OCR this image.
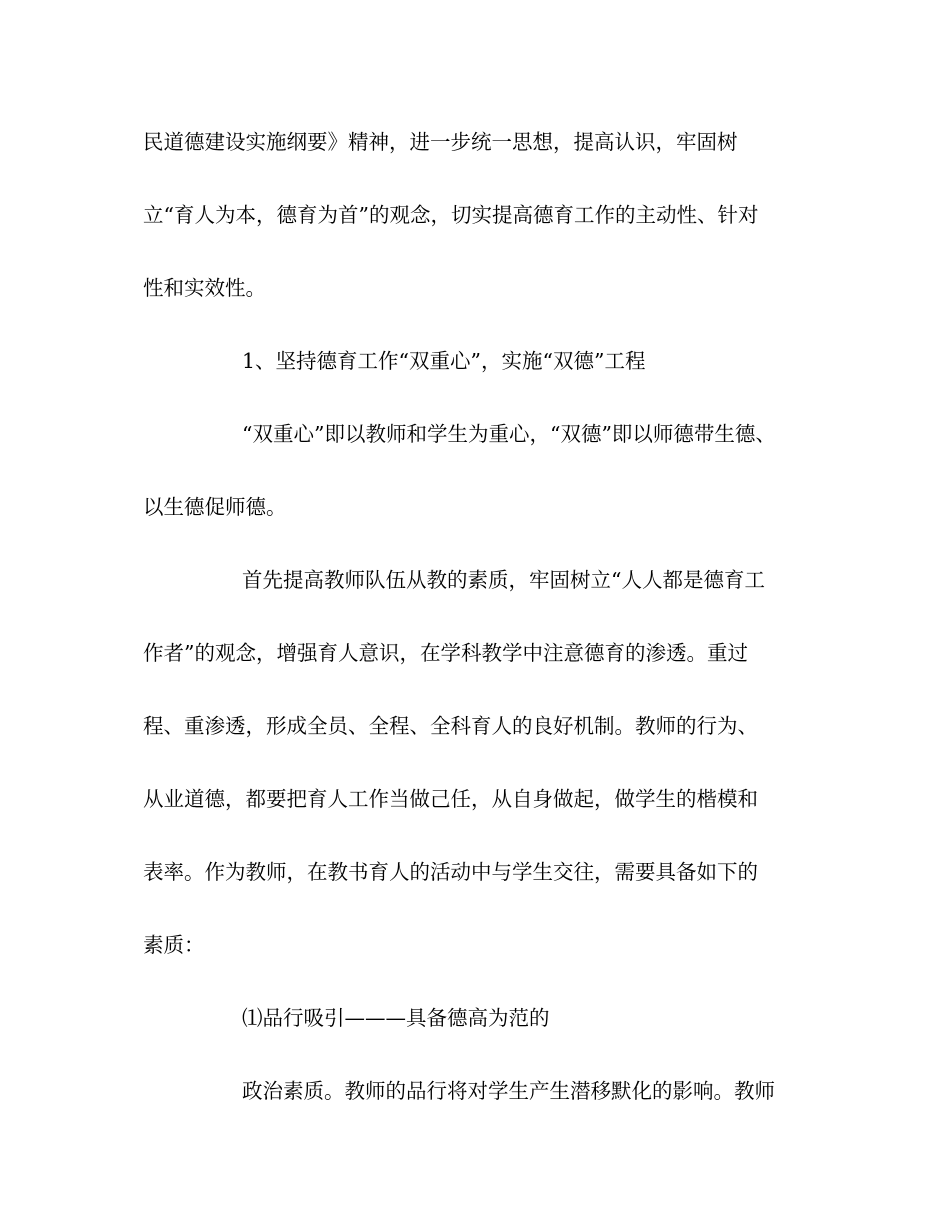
民道德建设实施纲要》精神，进一步统一思想，提高认识，牢固树
立“育人为本，德育为首”的观念，切实提高德育工作的主动性、针对
性和实效性。
1、坚持德育工作“双重心”，实施“双德”工程
“双重心”即以教师和学生为重心，“双德”即以师德带生德、
以生德促师德。
首先提高教师队伍从教的素质，牢固树立“人人都是德育工
作者”的观念，增强育人意识，在学科教学中注意德育的渗透。重过
程、重渗透，形成全员、全程、全科育人的良好机制。教师的行为、
从业道德，都要把育人工作当做己任，从自身做起，做学生的楷模和
表率。作为教师，在教书育人的活动中与学生交往，需要具备如下的
素质：
⑴品行吸引———具备德高为范的
政治素质。教师的品行将对学生产生潜移默化的影响。教师
